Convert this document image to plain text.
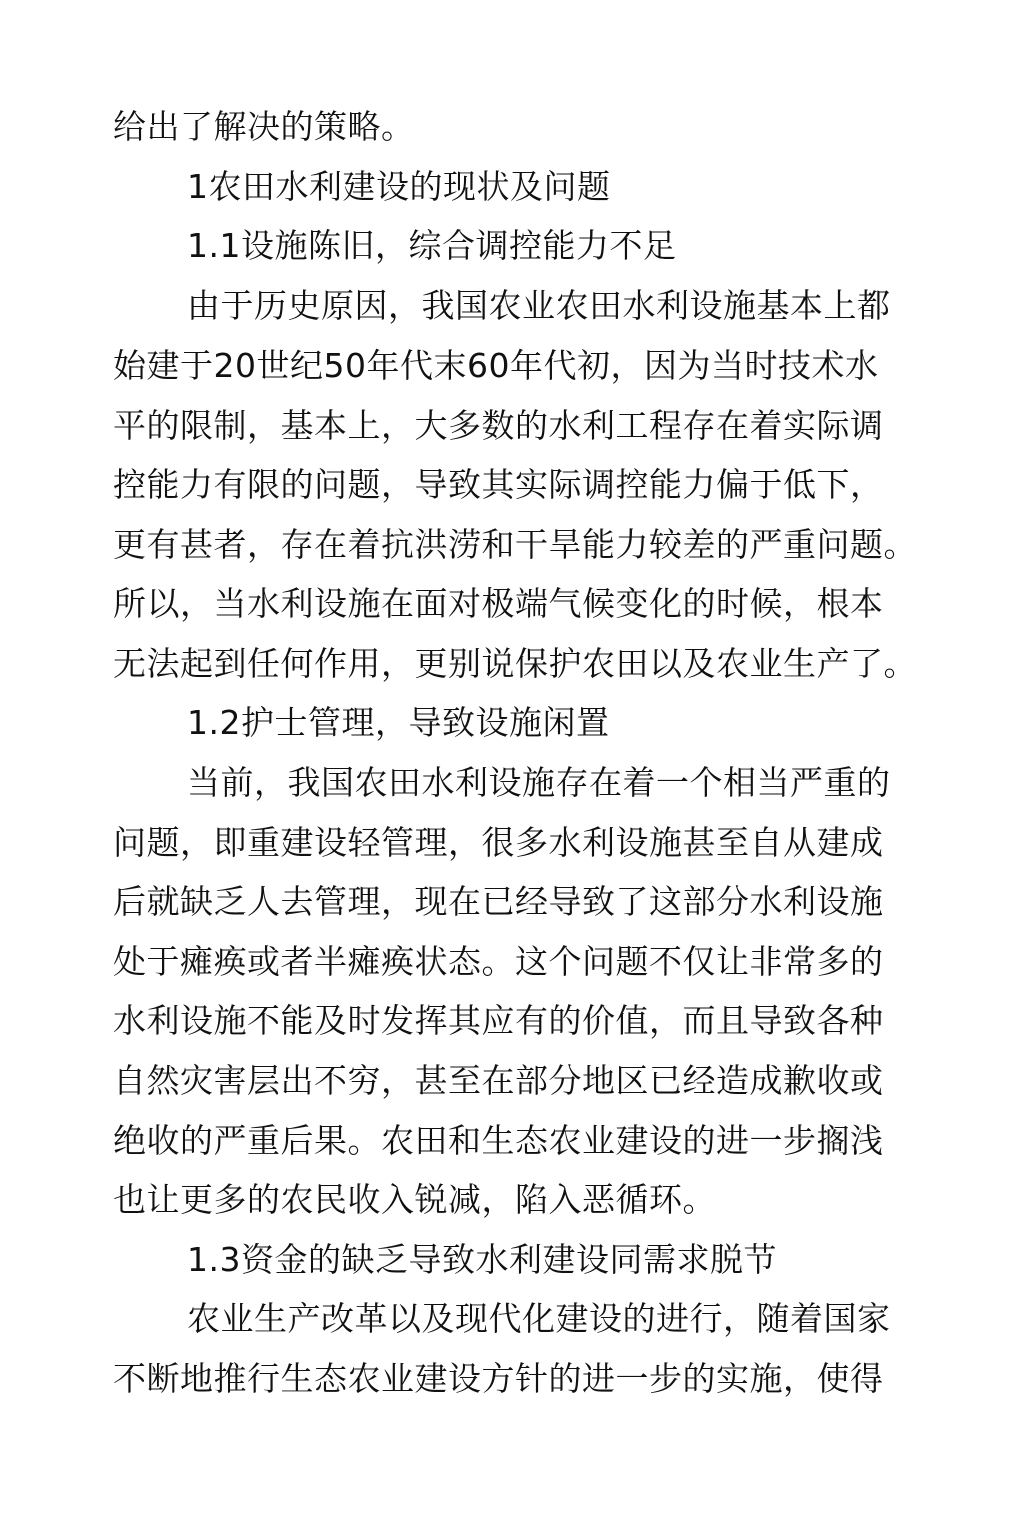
给出了解决的策略。
1农田水利建设的现状及问题
1.1设施陈旧，综合调控能力不足
由于历史原因，我国农业农田水利设施基本上都
始建于20世纪50年代末60年代初，因为当时技术水
平的限制，基本上，大多数的水利工程存在着实际调
控能力有限的问题，导致其实际调控能力偏于低下，
更有甚者，存在着抗洪涝和干旱能力较差的严重问题。
所以，当水利设施在面对极端气候变化的时候，根本
无法起到任何作用，更别说保护农田以及农业生产了。
1.2护士管理，导致设施闲置
当前，我国农田水利设施存在着一个相当严重的
问题，即重建设轻管理，很多水利设施甚至自从建成
后就缺乏人去管理，现在已经导致了这部分水利设施
处于瘫痪或者半瘫痪状态。这个问题不仅让非常多的
水利设施不能及时发挥其应有的价值，而且导致各种
自然灾害层出不穷，甚至在部分地区已经造成歉收或
绝收的严重后果。农田和生态农业建设的进一步搁浅
也让更多的农民收入锐减，陷入恶循环。
1.3资金的缺乏导致水利建设同需求脱节
农业生产改革以及现代化建设的进行，随着国家
不断地推行生态农业建设方针的进一步的实施，使得
